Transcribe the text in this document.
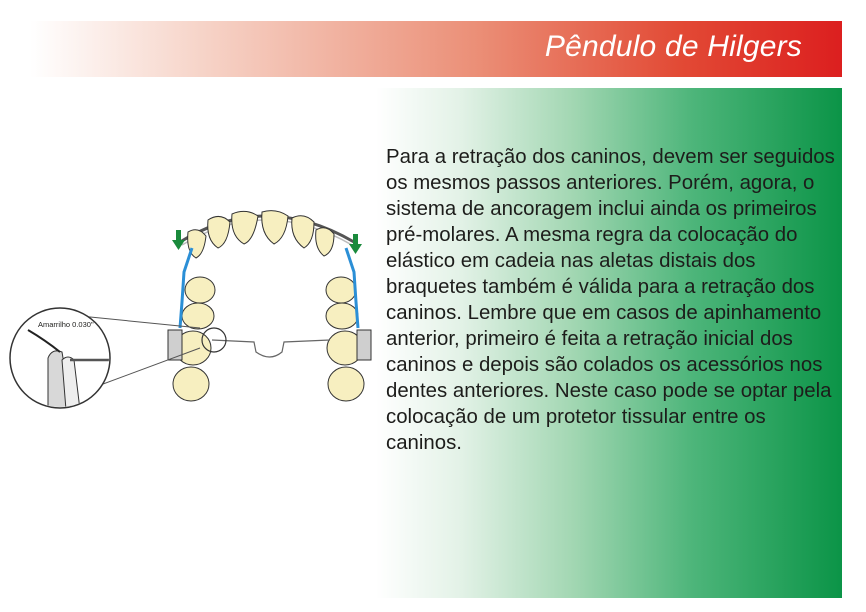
Pêndulo de Hilgers

Para a retração dos caninos, devem ser seguidos os mesmos passos anteriores. Porém, agora, o sistema de ancoragem inclui ainda os primeiros pré-molares. A mesma regra da colocação do elástico em cadeia nas aletas distais dos braquetes também é válida para a retração dos caninos. Lembre que em casos de apinhamento anterior, primeiro é feita a retração inicial dos caninos e depois são colados os acessórios nos dentes anteriores. Neste caso pode se optar pela colocação de um protetor tissular entre os caninos.

Amarrilho 0.030"
